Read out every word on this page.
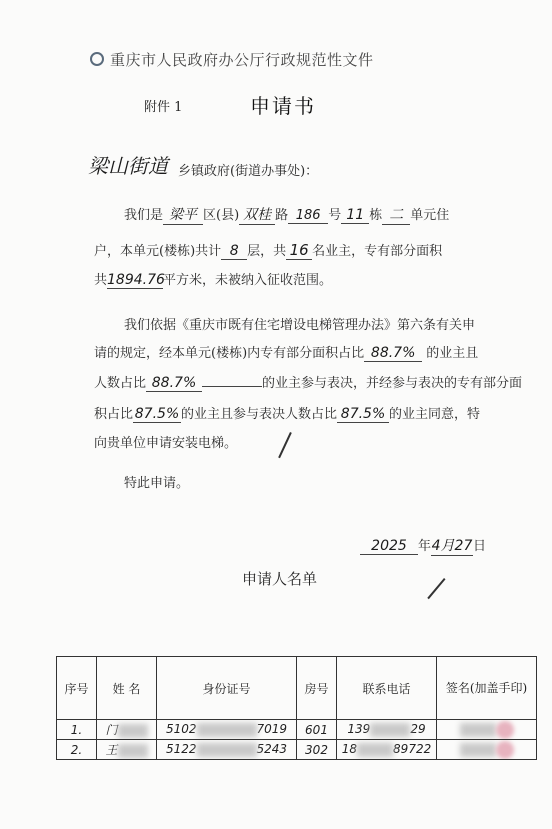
重庆市人民政府办公厅行政规范性文件
附件 1	申请书
梁山街道 乡镇政府(街道办事处)：
我们是 梁平 区(县) 双桂 路 186 号 11 栋 二 单元住
户，本单元(楼栋)共计 8 层，共 16 名业主，专有部分面积
共1894.76平方米，未被纳入征收范围。
我们依据《重庆市既有住宅增设电梯管理办法》第六条有关申
请的规定，经本单元(楼栋)内专有部分面积占比 88.7% 的业主且
人数占比 88.7%	的业主参与表决，并经参与表决的专有部分面
积占比 87.5% 的业主且参与表决人数占比 87.5% 的业主同意，特
向贵单位申请安装电梯。
特此申请。
2025 年4月27日
申请人名单
序号	姓 名	身份证号	房号	联系电话	签名(加盖手印)
1.	门	5102 7019	601	139 29	
2.	王	5122 5243	302	18 89722	
